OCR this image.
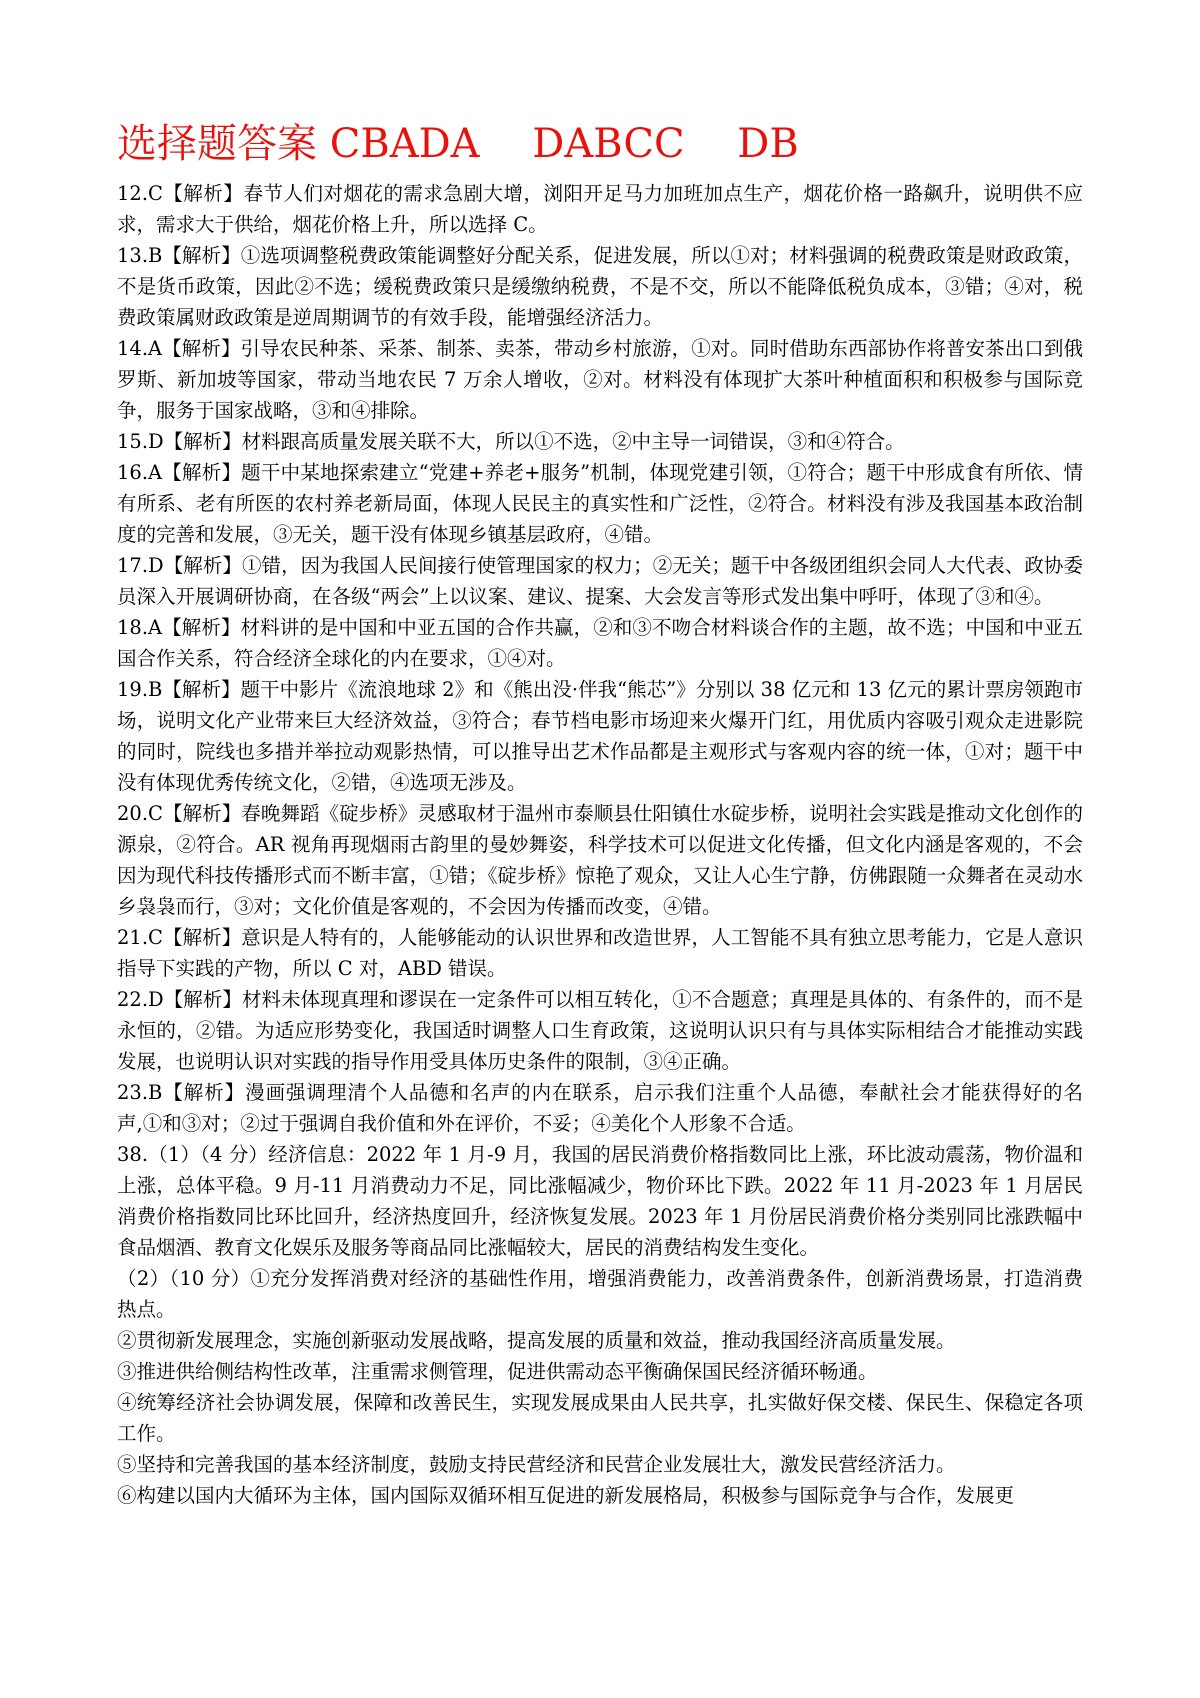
选择题答案 CBADA　 DABCC　 DB

12.C【解析】春节人们对烟花的需求急剧大增，浏阳开足马力加班加点生产，烟花价格一路飙升，说明供不应求，需求大于供给，烟花价格上升，所以选择 C。

13.B【解析】①选项调整税费政策能调整好分配关系，促进发展，所以①对；材料强调的税费政策是财政政策，不是货币政策，因此②不选；缓税费政策只是缓缴纳税费，不是不交，所以不能降低税负成本，③错；④对，税费政策属财政政策是逆周期调节的有效手段，能增强经济活力。

14.A【解析】引导农民种茶、采茶、制茶、卖茶，带动乡村旅游，①对。同时借助东西部协作将普安茶出口到俄罗斯、新加坡等国家，带动当地农民 7 万余人增收，②对。材料没有体现扩大茶叶种植面积和积极参与国际竞争，服务于国家战略，③和④排除。

15.D【解析】材料跟高质量发展关联不大，所以①不选，②中主导一词错误，③和④符合。

16.A【解析】题干中某地探索建立“党建+养老+服务”机制，体现党建引领，①符合；题干中形成食有所依、情有所系、老有所医的农村养老新局面，体现人民民主的真实性和广泛性，②符合。材料没有涉及我国基本政治制度的完善和发展，③无关，题干没有体现乡镇基层政府，④错。

17.D【解析】①错，因为我国人民间接行使管理国家的权力；②无关；题干中各级团组织会同人大代表、政协委员深入开展调研协商，在各级“两会”上以议案、建议、提案、大会发言等形式发出集中呼吁，体现了③和④。

18.A【解析】材料讲的是中国和中亚五国的合作共赢，②和③不吻合材料谈合作的主题，故不选；中国和中亚五国合作关系，符合经济全球化的内在要求，①④对。

19.B【解析】题干中影片《流浪地球 2》和《熊出没·伴我“熊芯”》分别以 38 亿元和 13 亿元的累计票房领跑市场，说明文化产业带来巨大经济效益，③符合；春节档电影市场迎来火爆开门红，用优质内容吸引观众走进影院的同时，院线也多措并举拉动观影热情，可以推导出艺术作品都是主观形式与客观内容的统一体，①对；题干中没有体现优秀传统文化，②错，④选项无涉及。

20.C【解析】春晚舞蹈《碇步桥》灵感取材于温州市泰顺县仕阳镇仕水碇步桥，说明社会实践是推动文化创作的源泉，②符合。AR 视角再现烟雨古韵里的曼妙舞姿，科学技术可以促进文化传播，但文化内涵是客观的，不会因为现代科技传播形式而不断丰富，①错；《碇步桥》惊艳了观众，又让人心生宁静，仿佛跟随一众舞者在灵动水乡袅袅而行，③对；文化价值是客观的，不会因为传播而改变，④错。

21.C【解析】意识是人特有的，人能够能动的认识世界和改造世界，人工智能不具有独立思考能力，它是人意识指导下实践的产物，所以 C 对，ABD 错误。

22.D【解析】材料未体现真理和谬误在一定条件可以相互转化，①不合题意；真理是具体的、有条件的，而不是永恒的，②错。为适应形势变化，我国适时调整人口生育政策，这说明认识只有与具体实际相结合才能推动实践发展，也说明认识对实践的指导作用受具体历史条件的限制，③④正确。

23.B【解析】漫画强调理清个人品德和名声的内在联系，启示我们注重个人品德，奉献社会才能获得好的名声,①和③对；②过于强调自我价值和外在评价，不妥；④美化个人形象不合适。

38.（1）（4 分）经济信息：2022 年 1 月-9 月，我国的居民消费价格指数同比上涨，环比波动震荡，物价温和上涨，总体平稳。9 月-11 月消费动力不足，同比涨幅减少，物价环比下跌。2022 年 11 月-2023 年 1 月居民消费价格指数同比环比回升，经济热度回升，经济恢复发展。2023 年 1 月份居民消费价格分类别同比涨跌幅中食品烟酒、教育文化娱乐及服务等商品同比涨幅较大，居民的消费结构发生变化。

（2）（10 分）①充分发挥消费对经济的基础性作用，增强消费能力，改善消费条件，创新消费场景，打造消费热点。

②贯彻新发展理念，实施创新驱动发展战略，提高发展的质量和效益，推动我国经济高质量发展。

③推进供给侧结构性改革，注重需求侧管理，促进供需动态平衡确保国民经济循环畅通。

④统筹经济社会协调发展，保障和改善民生，实现发展成果由人民共享，扎实做好保交楼、保民生、保稳定各项工作。

⑤坚持和完善我国的基本经济制度，鼓励支持民营经济和民营企业发展壮大，激发民营经济活力。

⑥构建以国内大循环为主体，国内国际双循环相互促进的新发展格局，积极参与国际竞争与合作，发展更
